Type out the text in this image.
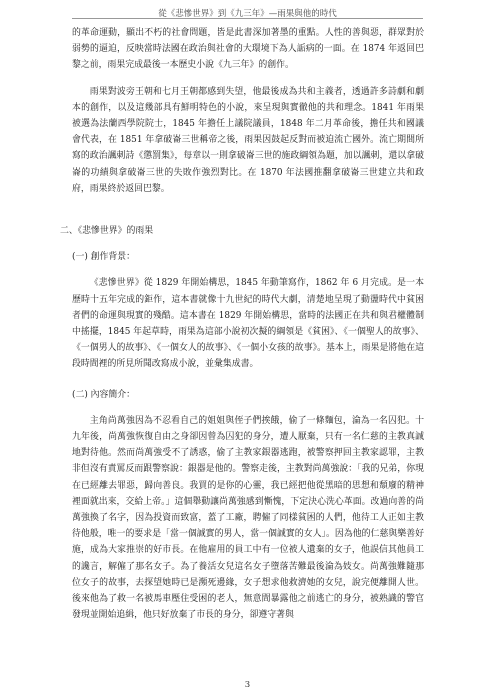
從《悲慘世界》到《九三年》—雨果與他的時代

的革命運動，顯出不朽的社會問題，皆是此書深加著墨的重點。人性的善與惡，群眾對於弱勢的逼迫，反映當時法國在政治與社會的大環境下為人詬病的一面。在 1874 年返回巴黎之前，雨果完成最後一本歷史小說《九三年》的創作。

雨果對波旁王朝和七月王朝都感到失望，他最後成為共和主義者，透過許多詩劇和劇本的創作，以及這幾部具有鮮明特色的小說，來呈現與實徹他的共和理念。1841 年雨果被選為法蘭西學院院士，1845 年擔任上議院議員，1848 年二月革命後，擔任共和國議會代表，在 1851 年拿破崙三世稱帝之後，雨果因鼓起反對而被迫流亡國外。流亡期間所寫的政治諷刺詩《懲罰集》，每章以一則拿破崙三世的施政綱領為題，加以諷刺，還以拿破崙的功績與拿破崙三世的失敗作強烈對比。在 1870 年法國推翻拿破崙三世建立共和政府，雨果終於返回巴黎。

二、《悲慘世界》的雨果

(一) 創作背景：

《悲慘世界》從 1829 年開始構思，1845 年動筆寫作，1862 年 6 月完成。是一本歷時十五年完成的鉅作，這本書就像十九世紀的時代大劇，清楚地呈現了動盪時代中貧困者們的命運與現實的殘酷。這本書在 1829 年開始構思，當時的法國正在共和與君權體制中搖擺，1845 年起草時，雨果為這部小說初次擬的綱領是《貧困》、《一個聖人的故事》、《一個男人的故事》、《一個女人的故事》、《一個小女孩的故事》。基本上，雨果是將他在這段時間裡的所見所聞改寫成小說，並彙集成書。

(二) 內容簡介：

主角尚萬強因為不忍看自己的姐姐與侄子們挨餓，偷了一條麵包，淪為一名囚犯。十九年後，尚萬強恢復自由之身卻因曾為囚犯的身分，遭人厭棄，只有一名仁慈的主教真誠地對待他。然而尚萬強受不了誘惑，偷了主教家銀器逃跑，被警察押回主教家認罪，主教非但沒有責罵反而跟警察說：銀器是他的。警察走後，主教對尚萬強說：「我的兄弟，你現在已經離去罪惡，歸向善良。我買的是你的心靈，我已經把他從黑暗的思想和頹廢的精神裡面就出來，交給上帝。」這個舉動讓尚萬強感到慚愧，下定決心洗心革面。改過向善的尚萬強換了名字，因為投資而致富，蓋了工廠，聘僱了同樣貧困的人們，他待工人正如主教待他般，唯一的要求是「當一個誠實的男人，當一個誠實的女人」。因為他的仁慈與樂善好施，成為大家推崇的好市長。在他雇用的員工中有一位被人遺棄的女子，他誤信其他員工的讒言，解僱了那名女子。為了養活女兒這名女子墮落苦難最後淪為妓女。尚萬強難隨那位女子的故事，去探望她時已是瀕死邊緣，女子想求他救濟她的女兒，說完便離開人世。後來他為了救一名被馬車壓住受困的老人，無意間暴露他之前逃亡的身分，被熟識的警官發現並開始追緝，他只好放棄了市長的身分，卻遵守著與

3
